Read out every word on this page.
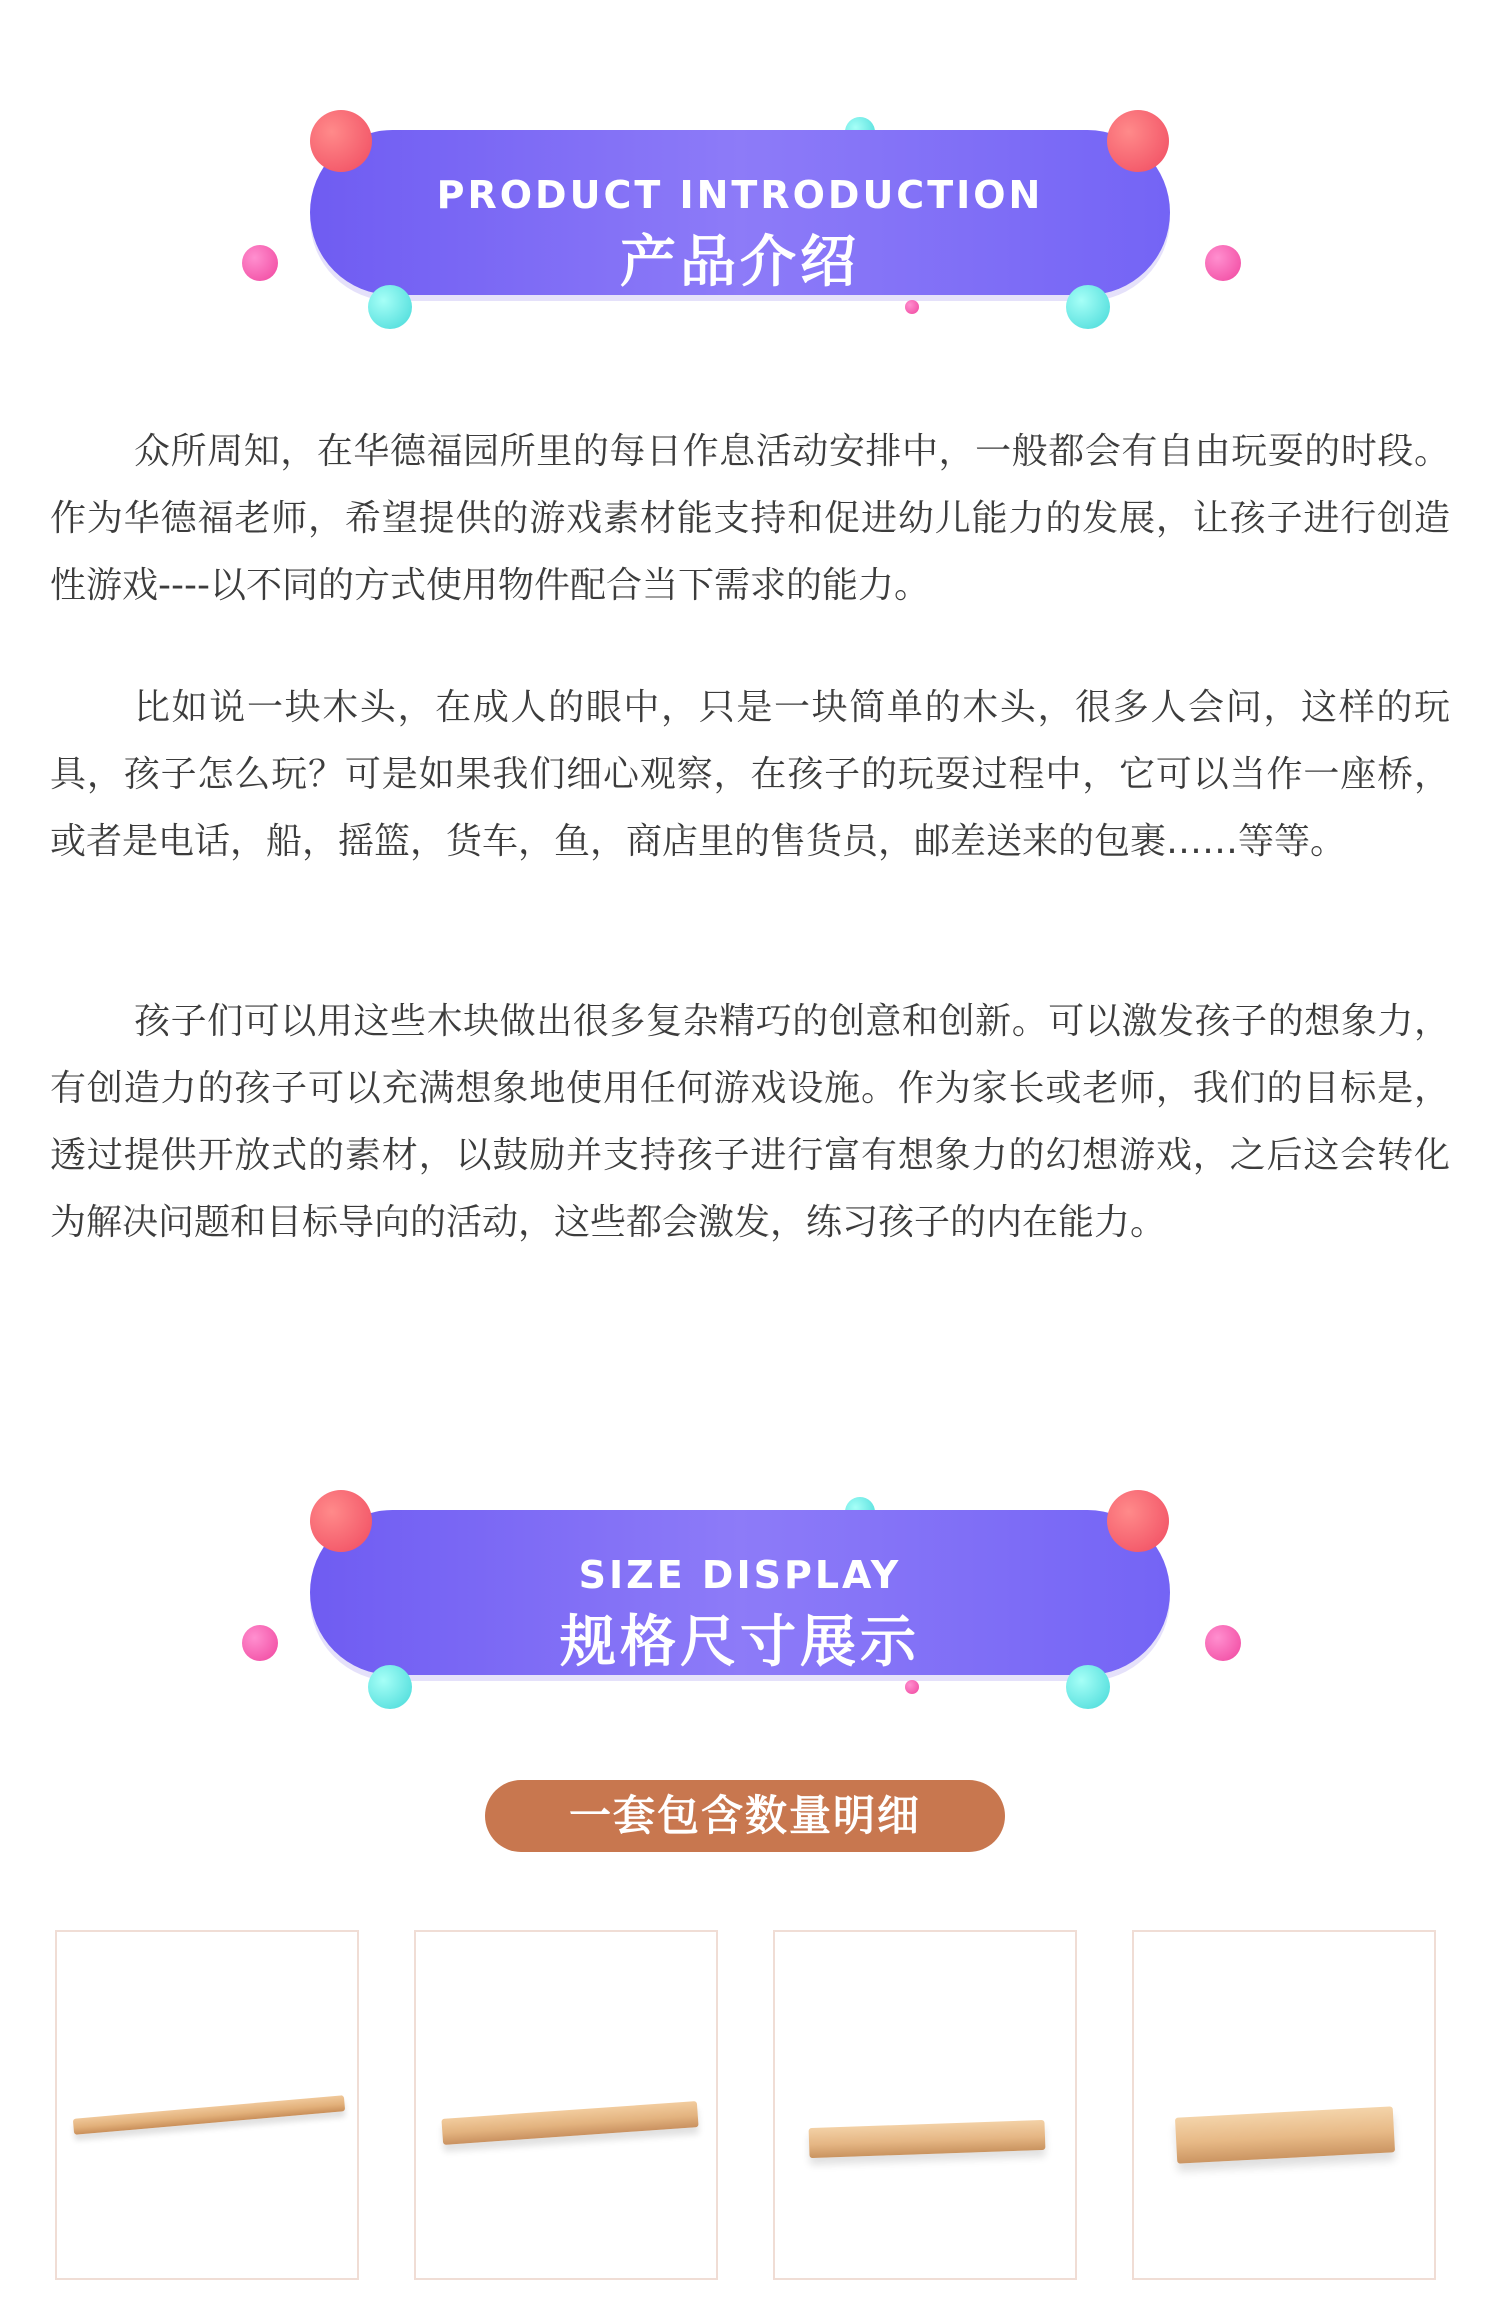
PRODUCT INTRODUCTION
产品介绍

众所周知，在华德福园所里的每日作息活动安排中，一般都会有自由玩耍的时段。作为华德福老师，希望提供的游戏素材能支持和促进幼儿能力的发展，让孩子进行创造性游戏----以不同的方式使用物件配合当下需求的能力。

比如说一块木头，在成人的眼中，只是一块简单的木头，很多人会问，这样的玩具，孩子怎么玩？可是如果我们细心观察，在孩子的玩耍过程中，它可以当作一座桥，或者是电话，船，摇篮，货车，鱼，商店里的售货员，邮差送来的包裹……等等。

孩子们可以用这些木块做出很多复杂精巧的创意和创新。可以激发孩子的想象力，有创造力的孩子可以充满想象地使用任何游戏设施。作为家长或老师，我们的目标是，透过提供开放式的素材，以鼓励并支持孩子进行富有想象力的幻想游戏，之后这会转化为解决问题和目标导向的活动，这些都会激发，练习孩子的内在能力。

SIZE DISPLAY
规格尺寸展示
一套包含数量明细
